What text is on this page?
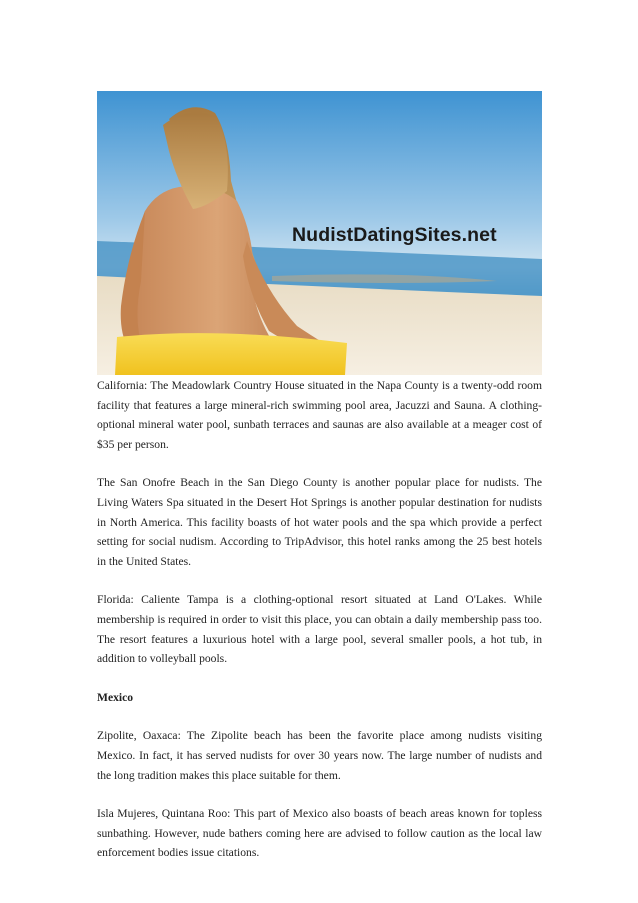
NudistDatingSites.net

California: The Meadowlark Country House situated in the Napa County is a twenty-odd room facility that features a large mineral-rich swimming pool area, Jacuzzi and Sauna. A clothing-optional mineral water pool, sunbath terraces and saunas are also available at a meager cost of $35 per person.

The San Onofre Beach in the San Diego County is another popular place for nudists. The Living Waters Spa situated in the Desert Hot Springs is another popular destination for nudists in North America. This facility boasts of hot water pools and the spa which provide a perfect setting for social nudism. According to TripAdvisor, this hotel ranks among the 25 best hotels in the United States.

Florida: Caliente Tampa is a clothing-optional resort situated at Land O'Lakes. While membership is required in order to visit this place, you can obtain a daily membership pass too. The resort features a luxurious hotel with a large pool, several smaller pools, a hot tub, in addition to volleyball pools.

Mexico

Zipolite, Oaxaca: The Zipolite beach has been the favorite place among nudists visiting Mexico. In fact, it has served nudists for over 30 years now. The large number of nudists and the long tradition makes this place suitable for them.

Isla Mujeres, Quintana Roo: This part of Mexico also boasts of beach areas known for topless sunbathing. However, nude bathers coming here are advised to follow caution as the local law enforcement bodies issue citations.
